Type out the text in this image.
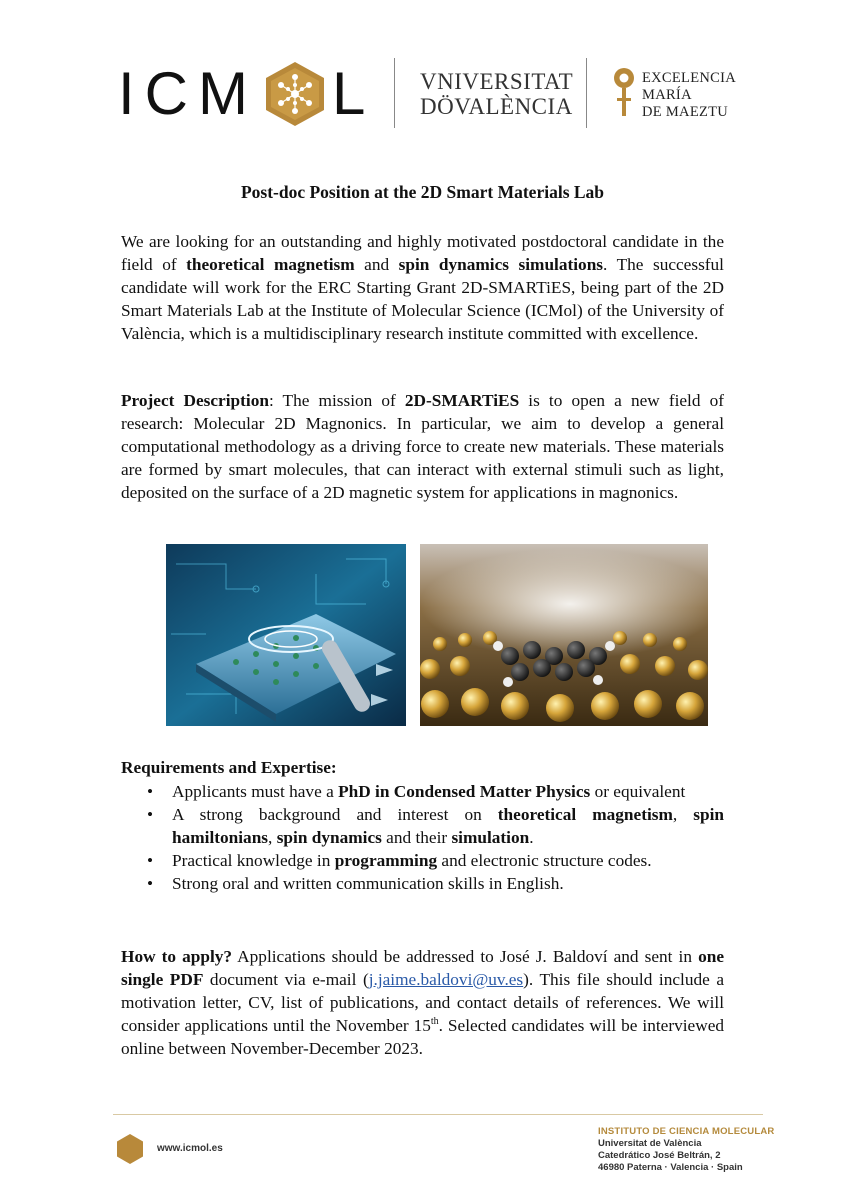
ICM L VNIVERSITAT
DÖVALÈNCIA
EXCELENCIA
MARÍA
DE MAEZTU
Post-doc Position at the 2D Smart Materials Lab
We are looking for an outstanding and highly motivated postdoctoral candidate in the field of theoretical magnetism and spin dynamics simulations. The successful candidate will work for the ERC Starting Grant 2D-SMARTiES, being part of the 2D Smart Materials Lab at the Institute of Molecular Science (ICMol) of the University of València, which is a multidisciplinary research institute committed with excellence.
Project Description: The mission of 2D-SMARTiES is to open a new field of research: Molecular 2D Magnonics. In particular, we aim to develop a general computational methodology as a driving force to create new materials. These materials are formed by smart molecules, that can interact with external stimuli such as light, deposited on the surface of a 2D magnetic system for applications in magnonics.
Requirements and Expertise:
• Applicants must have a PhD in Condensed Matter Physics or equivalent
• A strong background and interest on theoretical magnetism, spin hamiltonians, spin dynamics and their simulation.
• Practical knowledge in programming and electronic structure codes.
• Strong oral and written communication skills in English.
How to apply? Applications should be addressed to José J. Baldoví and sent in one single PDF document via e-mail (j.jaime.baldovi@uv.es). This file should include a motivation letter, CV, list of publications, and contact details of references. We will consider applications until the November 15th. Selected candidates will be interviewed online between November-December 2023.
www.icmol.es
INSTITUTO DE CIENCIA MOLECULAR
Universitat de València
Catedrático José Beltrán, 2
46980 Paterna · Valencia · Spain
